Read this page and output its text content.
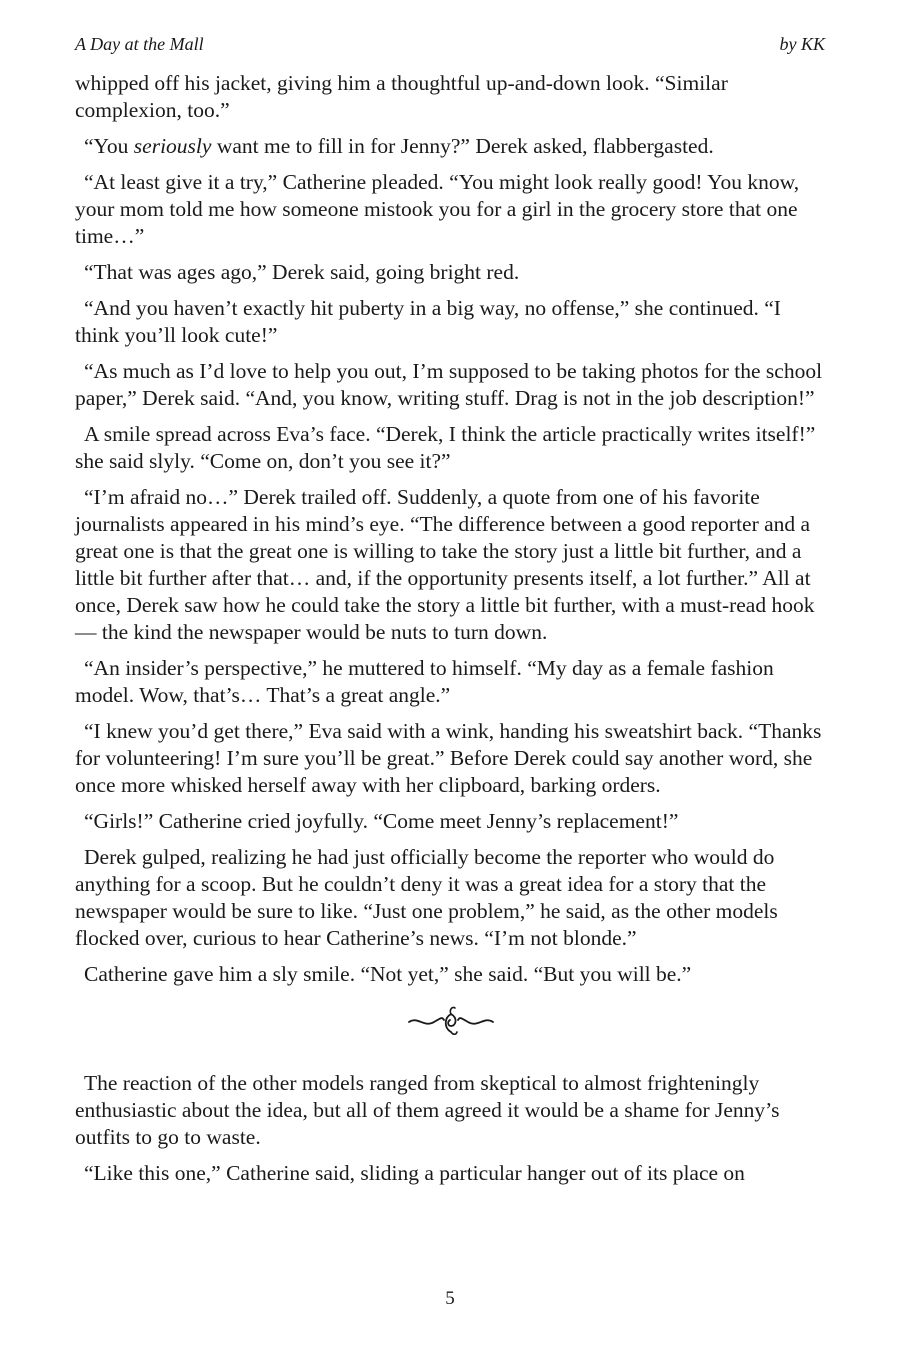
A Day at the Mall	by KK

whipped off his jacket, giving him a thoughtful up-and-down look. “Similar complexion, too.”

“You seriously want me to fill in for Jenny?” Derek asked, flabbergasted.

“At least give it a try,” Catherine pleaded. “You might look really good! You know, your mom told me how someone mistook you for a girl in the grocery store that one time…”

“That was ages ago,” Derek said, going bright red.

“And you haven’t exactly hit puberty in a big way, no offense,” she continued. “I think you’ll look cute!”

“As much as I’d love to help you out, I’m supposed to be taking photos for the school paper,” Derek said. “And, you know, writing stuff. Drag is not in the job description!”

A smile spread across Eva’s face. “Derek, I think the article practically writes itself!” she said slyly. “Come on, don’t you see it?”

“I’m afraid no…” Derek trailed off. Suddenly, a quote from one of his favorite journalists appeared in his mind’s eye. “The difference between a good reporter and a great one is that the great one is willing to take the story just a little bit further, and a little bit further after that… and, if the opportunity presents itself, a lot further.” All at once, Derek saw how he could take the story a little bit further, with a must-read hook — the kind the newspaper would be nuts to turn down.

“An insider’s perspective,” he muttered to himself. “My day as a female fashion model. Wow, that’s… That’s a great angle.”

“I knew you’d get there,” Eva said with a wink, handing his sweatshirt back. “Thanks for volunteering! I’m sure you’ll be great.” Before Derek could say another word, she once more whisked herself away with her clipboard, barking orders.

“Girls!” Catherine cried joyfully. “Come meet Jenny’s replacement!”

Derek gulped, realizing he had just officially become the reporter who would do anything for a scoop. But he couldn’t deny it was a great idea for a story that the newspaper would be sure to like. “Just one problem,” he said, as the other models flocked over, curious to hear Catherine’s news. “I’m not blonde.”

Catherine gave him a sly smile. “Not yet,” she said. “But you will be.”

The reaction of the other models ranged from skeptical to almost frighteningly enthusiastic about the idea, but all of them agreed it would be a shame for Jenny’s outfits to go to waste.

“Like this one,” Catherine said, sliding a particular hanger out of its place on

5
